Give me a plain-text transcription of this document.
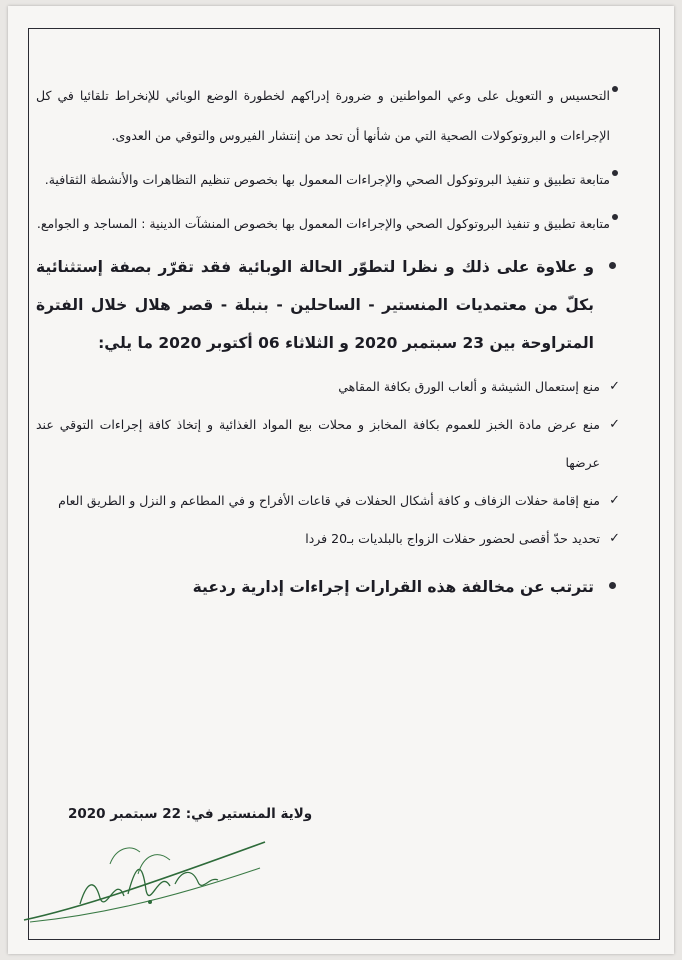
التحسيس و التعويل على وعي المواطنين و ضرورة إدراكهم لخطورة الوضع الوبائي للإنخراط تلقائيا في كل الإجراءات و البروتوكولات الصحية التي من شأنها أن تحد من إنتشار الفيروس والتوقي من العدوى.
متابعة تطبيق و تنفيذ البروتوكول الصحي والإجراءات المعمول بها بخصوص تنظيم التظاهرات والأنشطة الثقافية.
متابعة تطبيق و تنفيذ البروتوكول الصحي والإجراءات المعمول بها بخصوص المنشآت الدينية : المساجد و الجوامع.
و علاوة على ذلك و نظرا لتطوّر الحالة الوبائية فقد تقرّر بصفة إستثنائية بكلّ من معتمديات المنستير - الساحلين - بنبلة - قصر هلال خلال الفترة المتراوحة بين 23 سبتمبر 2020 و الثلاثاء 06 أكتوبر 2020 ما يلي:
✓
منع إستعمال الشيشة و ألعاب الورق بكافة المقاهي
✓
منع عرض مادة الخبز للعموم بكافة المخابز و محلات بيع المواد الغذائية و إتخاذ كافة إجراءات التوقي عند عرضها
✓
منع إقامة حفلات الزفاف و كافة أشكال الحفلات في قاعات الأفراح و في المطاعم و النزل و الطريق العام
✓
تحديد حدّ أقصى لحضور حفلات الزواج بالبلديات بـ20 فردا
تترتب عن مخالفة هذه القرارات إجراءات إدارية ردعية
ولاية المنستير في: 22 سبتمبر 2020
